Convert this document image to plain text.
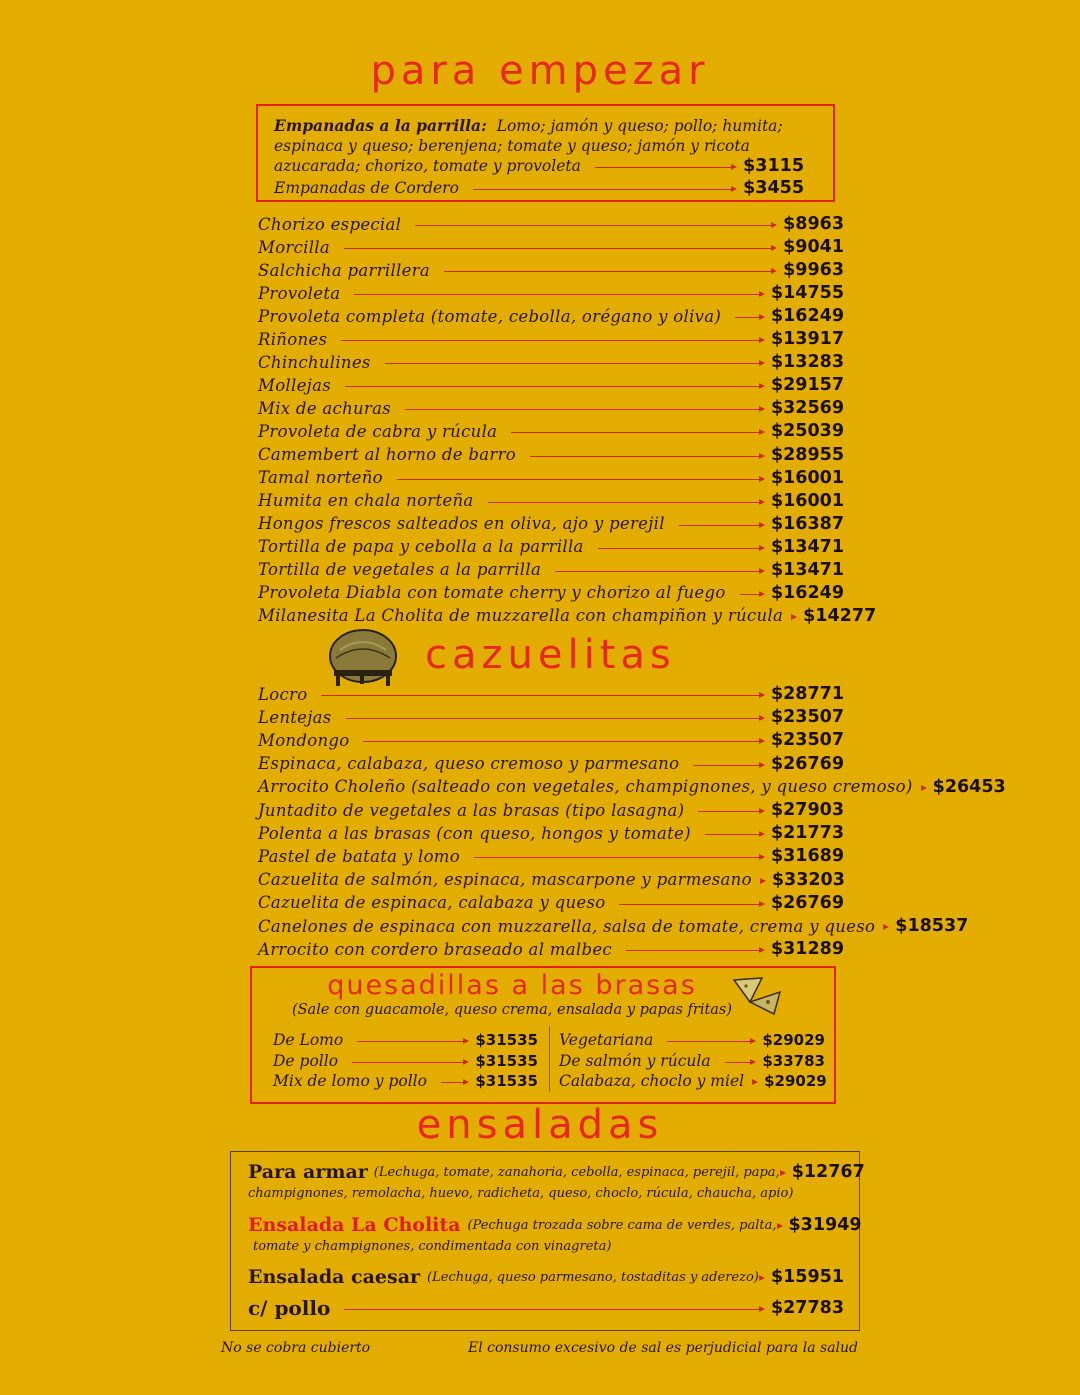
para empezar
Empanadas a la parrilla: Lomo; jamón y queso; pollo; humita;
espinaca y queso; berenjena; tomate y queso; jamón y ricota
azucarada; chorizo, tomate y provoleta	$3115
Empanadas de Cordero	$3455
Chorizo especial	$8963
Morcilla	$9041
Salchicha parrillera	$9963
Provoleta	$14755
Provoleta completa (tomate, cebolla, orégano y oliva)	$16249
Riñones	$13917
Chinchulines	$13283
Mollejas	$29157
Mix de achuras	$32569
Provoleta de cabra y rúcula	$25039
Camembert al horno de barro	$28955
Tamal norteño	$16001
Humita en chala norteña	$16001
Hongos frescos salteados en oliva, ajo y perejil	$16387
Tortilla de papa y cebolla a la parrilla	$13471
Tortilla de vegetales a la parrilla	$13471
Provoleta Diabla con tomate cherry y chorizo al fuego	$16249
Milanesita La Cholita de muzzarella con champiñon y rúcula $14277
cazuelitas
Locro	$28771
Lentejas	$23507
Mondongo	$23507
Espinaca, calabaza, queso cremoso y parmesano	$26769
Arrocito Choleño (salteado con vegetales, champignones, y queso cremoso) $26453
Juntadito de vegetales a las brasas (tipo lasagna)	$27903
Polenta a las brasas (con queso, hongos y tomate)	$21773
Pastel de batata y lomo	$31689
Cazuelita de salmón, espinaca, mascarpone y parmesano $33203
Cazuelita de espinaca, calabaza y queso	$26769
Canelones de espinaca con muzzarella, salsa de tomate, crema y queso $18537
Arrocito con cordero braseado al malbec	$31289
quesadillas a las brasas
(Sale con guacamole, queso crema, ensalada y papas fritas)
De Lomo	$31535
De pollo	$31535
Mix de lomo y pollo	$31535
Vegetariana	$29029
De salmón y rúcula	$33783
Calabaza, choclo y miel $29029
ensaladas
Para armar (Lechuga, tomate, zanahoria, cebolla, espinaca, perejil, papa, $12767
champignones, remolacha, huevo, radicheta, queso, choclo, rúcula, chaucha, apio)
Ensalada La Cholita (Pechuga trozada sobre cama de verdes, palta, $31949
tomate y champignones, condimentada con vinagreta)
Ensalada caesar (Lechuga, queso parmesano, tostaditas y aderezo) $15951
c/ pollo	$27783
No se cobra cubierto	El consumo excesivo de sal es perjudicial para la salud
